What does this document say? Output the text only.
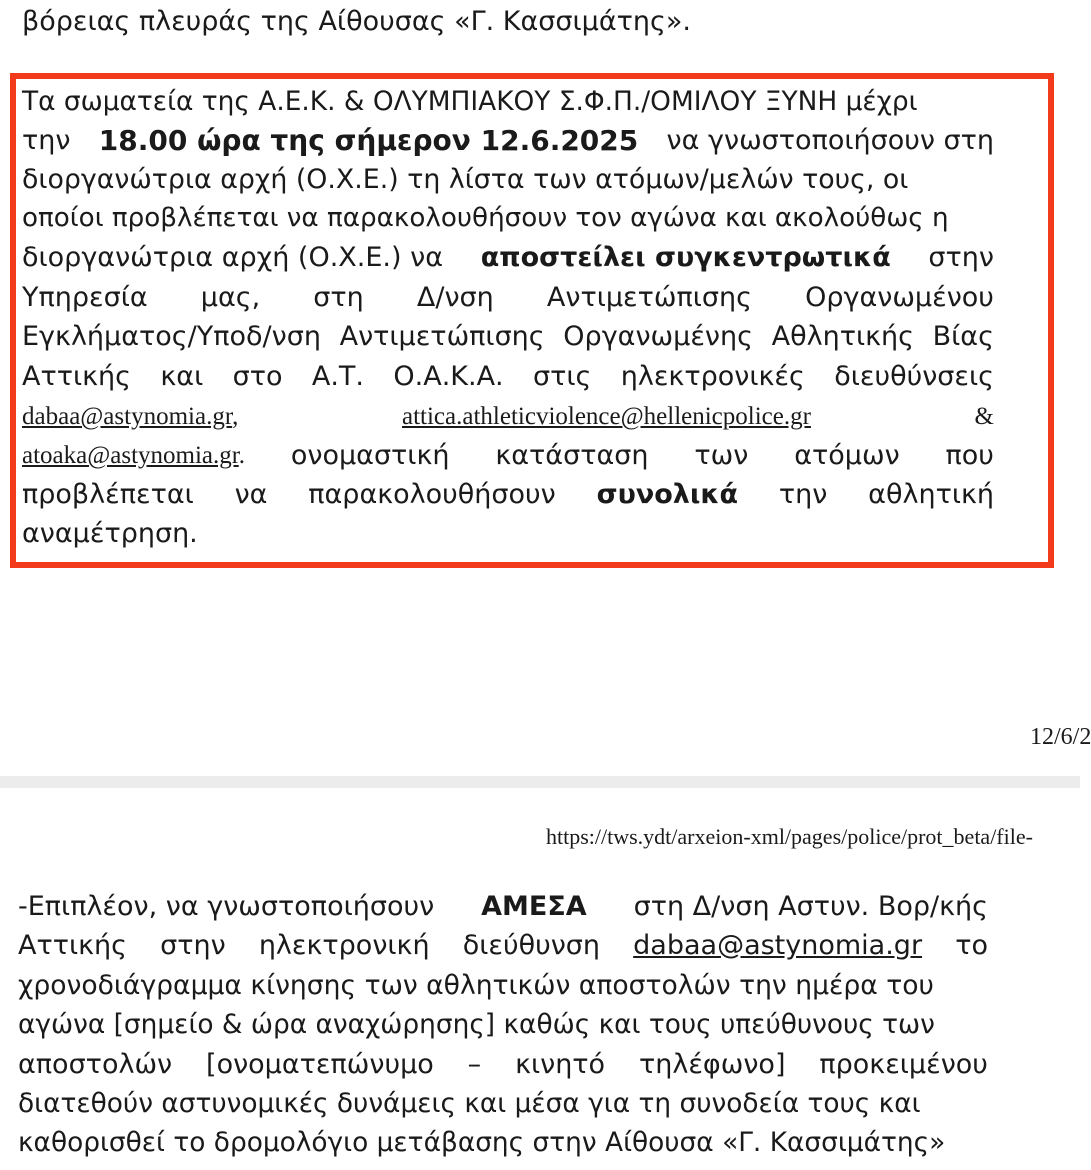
βόρειας πλευράς της Αίθουσας «Γ. Κασσιμάτης».
Τα σωματεία της Α.Ε.Κ. & ΟΛΥΜΠΙΑΚΟΥ Σ.Φ.Π./ΟΜΙΛΟΥ ΞΥΝΗ μέχρι
την 18.00 ώρα της σήμερον 12.6.2025 να γνωστοποιήσουν στη
διοργανώτρια αρχή (Ο.Χ.Ε.) τη λίστα των ατόμων/μελών τους, οι
οποίοι προβλέπεται να παρακολουθήσουν τον αγώνα και ακολούθως η
διοργανώτρια αρχή (Ο.Χ.Ε.) να αποστείλει συγκεντρωτικά στην
Υπηρεσία μας, στη Δ/νση Αντιμετώπισης Οργανωμένου
Εγκλήματος/Υποδ/νση Αντιμετώπισης Οργανωμένης Αθλητικής Βίας
Αττικής και στο Α.Τ. Ο.Α.Κ.Α. στις ηλεκτρονικές διευθύνσεις
dabaa@astynomia.gr,	attica.athleticviolence@hellenicpolice.gr	&
atoaka@astynomia.gr. ονομαστική κατάσταση των ατόμων που
προβλέπεται να παρακολουθήσουν συνολικά την αθλητική
αναμέτρηση.
12/6/2
https://tws.ydt/arxeion-xml/pages/police/prot_beta/file-
-Επιπλέον, να γνωστοποιήσουν ΑΜΕΣΑ στη Δ/νση Αστυν. Βορ/κής
Αττικής στην ηλεκτρονική διεύθυνση dabaa@astynomia.gr το
χρονοδιάγραμμα κίνησης των αθλητικών αποστολών την ημέρα του
αγώνα [σημείο & ώρα αναχώρησης] καθώς και τους υπεύθυνους των
αποστολών [ονοματεπώνυμο – κινητό τηλέφωνο] προκειμένου
διατεθούν αστυνομικές δυνάμεις και μέσα για τη συνοδεία τους και
καθορισθεί το δρομολόγιο μετάβασης στην Αίθουσα «Γ. Κασσιμάτης»
